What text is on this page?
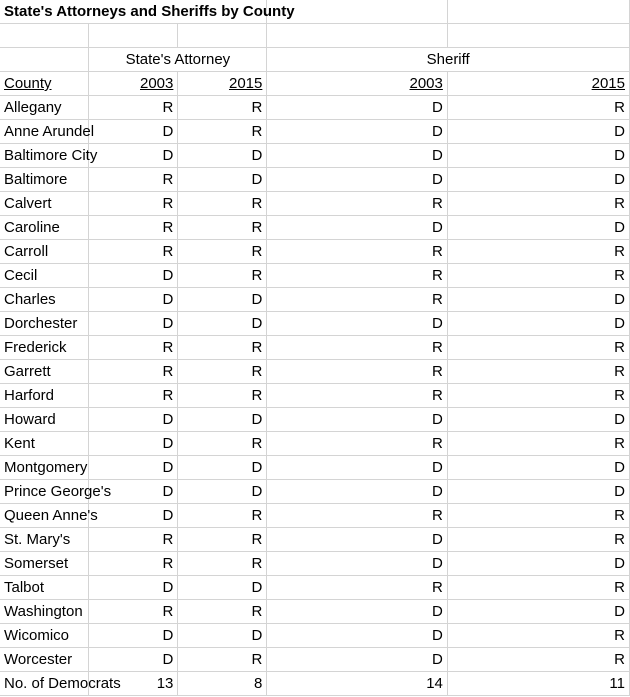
State's Attorneys and Sheriffs by County				

	State's Attorney		Sheriff	
County	2003	2015	2003	2015
Allegany	R	R	D	R
Anne Arundel	D	R	D	D
Baltimore City	D	D	D	D
Baltimore	R	D	D	D
Calvert	R	R	R	R
Caroline	R	R	D	D
Carroll	R	R	R	R
Cecil	D	R	R	R
Charles	D	D	R	D
Dorchester	D	D	D	D
Frederick	R	R	R	R
Garrett	R	R	R	R
Harford	R	R	R	R
Howard	D	D	D	D
Kent	D	R	R	R
Montgomery	D	D	D	D
Prince George's	D	D	D	D
Queen Anne's	D	R	R	R
St. Mary's	R	R	D	R
Somerset	R	R	D	D
Talbot	D	D	R	R
Washington	R	R	D	D
Wicomico	D	D	D	R
Worcester	D	R	D	R
No. of Democrats	13	8	14	11
